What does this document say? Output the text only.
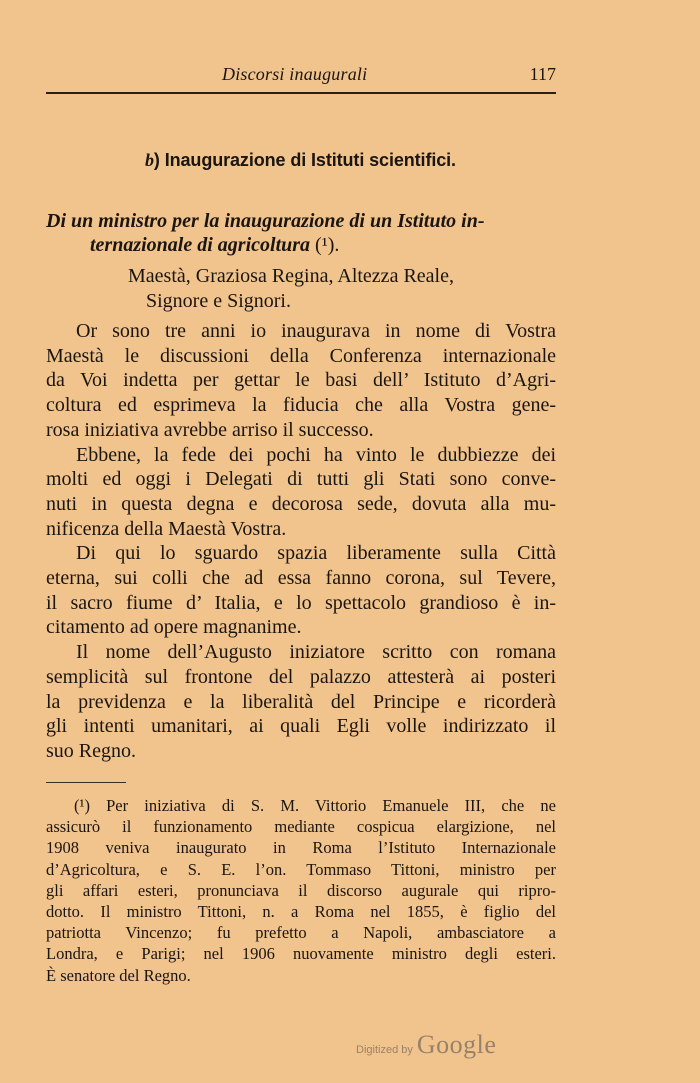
Discorsi inaugurali	117
b) Inaugurazione di Istituti scientifici.
Di un ministro per la inaugurazione di un Istituto in-
ternazionale di agricoltura (¹).
Maestà, Graziosa Regina, Altezza Reale,
Signore e Signori.
Or sono tre anni io inaugurava in nome di Vostra
Maestà le discussioni della Conferenza internazionale
da Voi indetta per gettar le basi dell’ Istituto d’Agri-
coltura ed esprimeva la fiducia che alla Vostra gene-
rosa iniziativa avrebbe arriso il successo.
Ebbene, la fede dei pochi ha vinto le dubbiezze dei
molti ed oggi i Delegati di tutti gli Stati sono conve-
nuti in questa degna e decorosa sede, dovuta alla mu-
nificenza della Maestà Vostra.
Di qui lo sguardo spazia liberamente sulla Città
eterna, sui colli che ad essa fanno corona, sul Tevere,
il sacro fiume d’ Italia, e lo spettacolo grandioso è in-
citamento ad opere magnanime.
Il nome dell’Augusto iniziatore scritto con romana
semplicità sul frontone del palazzo attesterà ai posteri
la previdenza e la liberalità del Principe e ricorderà
gli intenti umanitari, ai quali Egli volle indirizzato il
suo Regno.
(¹) Per iniziativa di S. M. Vittorio Emanuele III, che ne
assicurò il funzionamento mediante cospicua elargizione, nel
1908 veniva inaugurato in Roma l’Istituto Internazionale
d’Agricoltura, e S. E. l’on. Tommaso Tittoni, ministro per
gli affari esteri, pronunciava il discorso augurale qui ripro-
dotto. Il ministro Tittoni, n. a Roma nel 1855, è figlio del
patriotta Vincenzo; fu prefetto a Napoli, ambasciatore a
Londra, e Parigi; nel 1906 nuovamente ministro degli esteri.
È senatore del Regno.
Digitized by Google
